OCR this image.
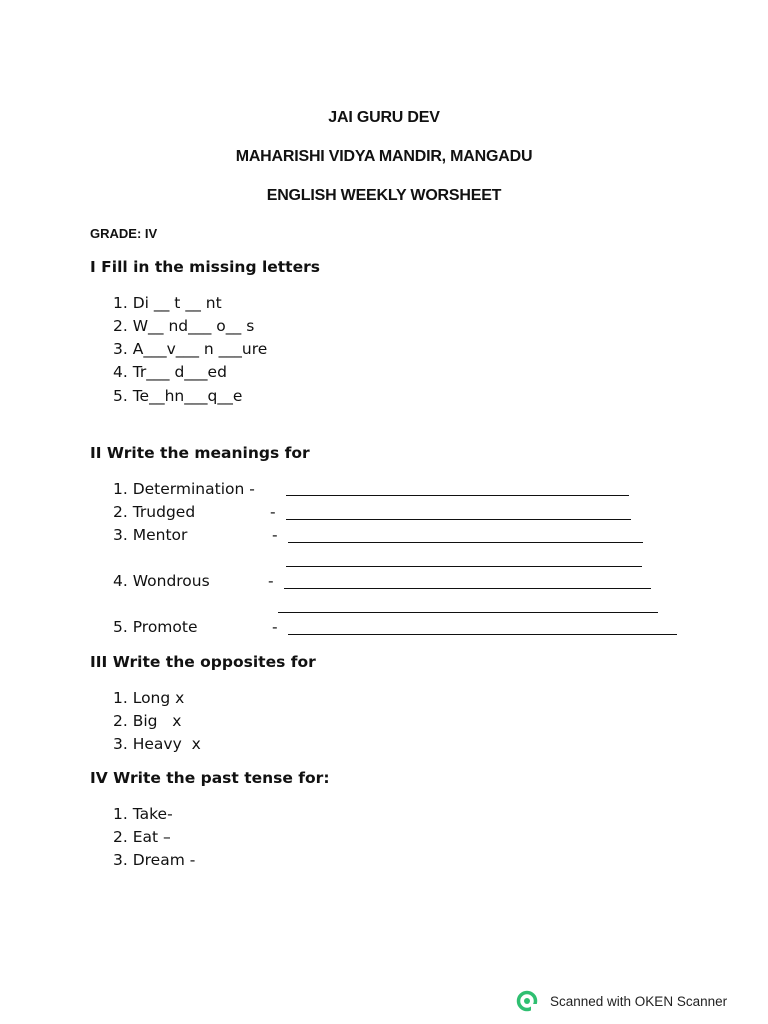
JAI GURU DEV
MAHARISHI VIDYA MANDIR, MANGADU
ENGLISH WEEKLY WORSHEET
GRADE: IV
I Fill in the missing letters
1. Di __ t __ nt
2. W__ nd___ o__ s
3. A___v___ n ___ure
4. Tr___ d___ed
5. Te__hn___q__e
II Write the meanings for
1. Determination -
2. Trudged	-
3. Mentor	-
4. Wondrous	-
5. Promote	-
III Write the opposites for
1. Long x
2. Big   x
3. Heavy  x
IV Write the past tense for:
1. Take-
2. Eat –
3. Dream -
Scanned with OKEN Scanner
